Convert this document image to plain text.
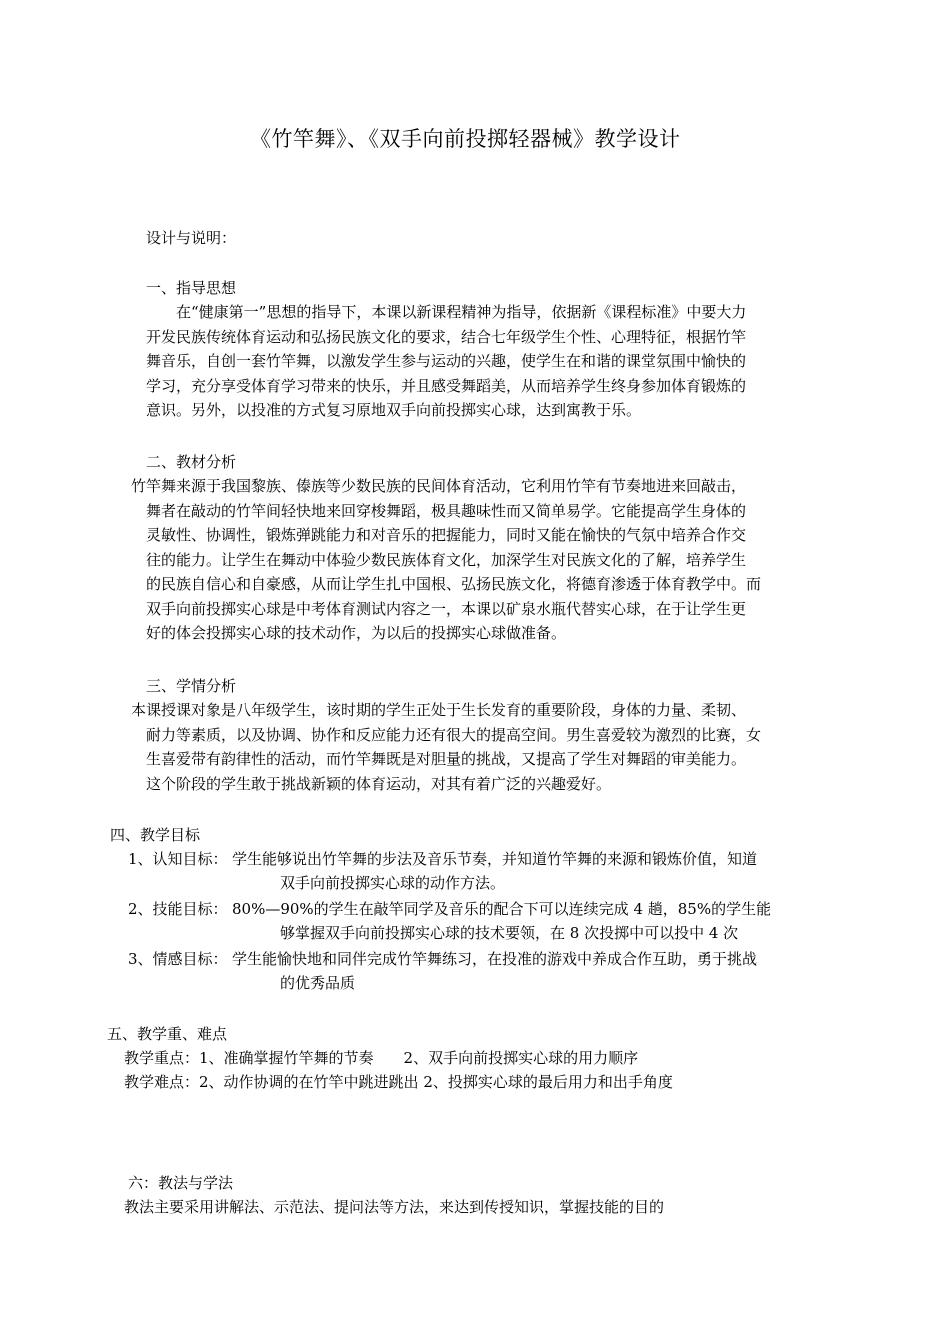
《竹竿舞》、《双手向前投掷轻器械》教学设计
设计与说明：
一、指导思想
在“健康第一”思想的指导下，本课以新课程精神为指导，依据新《课程标准》中要大力
开发民族传统体育运动和弘扬民族文化的要求，结合七年级学生个性、心理特征，根据竹竿
舞音乐，自创一套竹竿舞，以激发学生参与运动的兴趣，使学生在和谐的课堂氛围中愉快的
学习，充分享受体育学习带来的快乐，并且感受舞蹈美，从而培养学生终身参加体育锻炼的
意识。另外，以投准的方式复习原地双手向前投掷实心球，达到寓教于乐。
二、教材分析
竹竿舞来源于我国黎族、傣族等少数民族的民间体育活动，它利用竹竿有节奏地进来回敲击，
舞者在敲动的竹竿间轻快地来回穿梭舞蹈，极具趣味性而又简单易学。它能提高学生身体的
灵敏性、协调性，锻炼弹跳能力和对音乐的把握能力，同时又能在愉快的气氛中培养合作交
往的能力。让学生在舞动中体验少数民族体育文化，加深学生对民族文化的了解，培养学生
的民族自信心和自豪感，从而让学生扎中国根、弘扬民族文化，将德育渗透于体育教学中。而
双手向前投掷实心球是中考体育测试内容之一，本课以矿泉水瓶代替实心球，在于让学生更
好的体会投掷实心球的技术动作，为以后的投掷实心球做准备。
三、学情分析
本课授课对象是八年级学生，该时期的学生正处于生长发育的重要阶段，身体的力量、柔韧、
耐力等素质，以及协调、协作和反应能力还有很大的提高空间。男生喜爱较为激烈的比赛，女
生喜爱带有韵律性的活动，而竹竿舞既是对胆量的挑战，又提高了学生对舞蹈的审美能力。
这个阶段的学生敢于挑战新颖的体育运动，对其有着广泛的兴趣爱好。
四、教学目标
1、认知目标： 学生能够说出竹竿舞的步法及音乐节奏，并知道竹竿舞的来源和锻炼价值，知道
双手向前投掷实心球的动作方法。
2、技能目标： 80%—90%的学生在敲竿同学及音乐的配合下可以连续完成 4 趟，85%的学生能
够掌握双手向前投掷实心球的技术要领，在 8 次投掷中可以投中 4 次
3、情感目标： 学生能愉快地和同伴完成竹竿舞练习，在投准的游戏中养成合作互助，勇于挑战
的优秀品质
五、教学重、难点
教学重点：1、准确掌握竹竿舞的节奏　　2、双手向前投掷实心球的用力顺序
教学难点：2、动作协调的在竹竿中跳进跳出 2、投掷实心球的最后用力和出手角度
六：教法与学法
教法主要采用讲解法、示范法、提问法等方法，来达到传授知识，掌握技能的目的
